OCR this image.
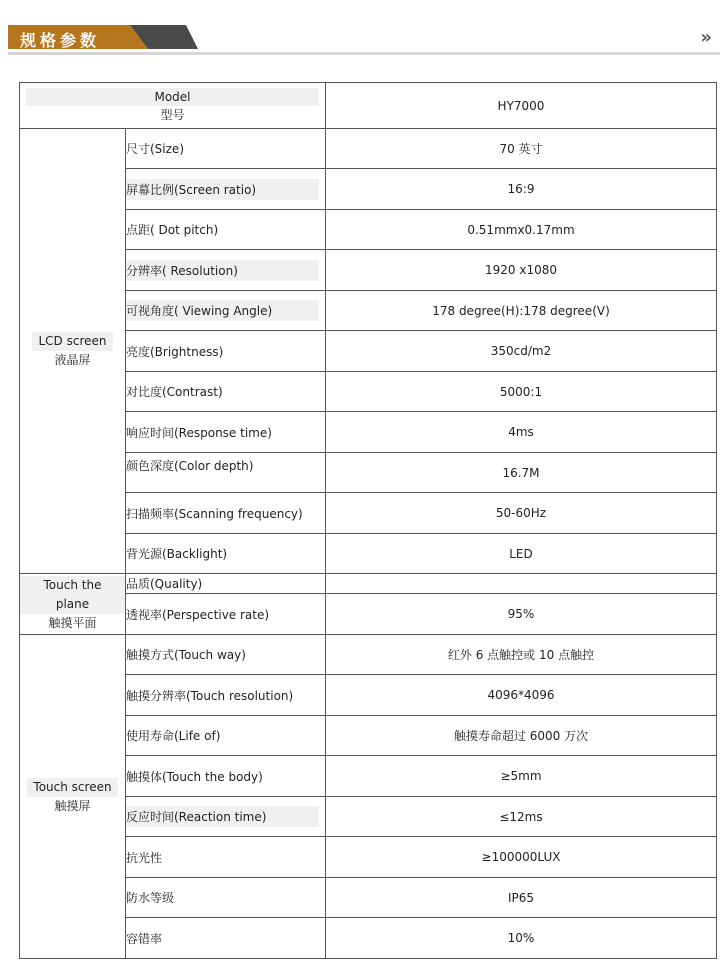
规格参数	»
Model
型号		HY7000
LCD screen
液晶屏	尺寸(Size)	70 英寸

	屏幕比例(Screen ratio)	16:9
	点距( Dot pitch)	0.51mmx0.17mm

	分辨率( Resolution)	1920 x1080

	可视角度( Viewing Angle)	178 degree(H):178 degree(V)
	亮度(Brightness)	350cd/m2
	对比度(Contrast)	5000:1
	响应时间(Response time)	4ms
	颜色深度(Color depth)	16.7M
	扫描频率(Scanning frequency)	50-60Hz
	背光源(Backlight)	LED
Touch the plane
触摸平面	品质(Quality)	
	透视率(Perspective rate)	95%
Touch screen
触摸屏	触摸方式(Touch way)	红外 6 点触控或 10 点触控
	触摸分辨率(Touch resolution)	4096*4096
	使用寿命(Life of)	触摸寿命超过 6000 万次
	触摸体(Touch the body)	≥5mm

	反应时间(Reaction time)	≤12ms
	抗光性	≥100000LUX
	防水等级	IP65
	容错率	10%
